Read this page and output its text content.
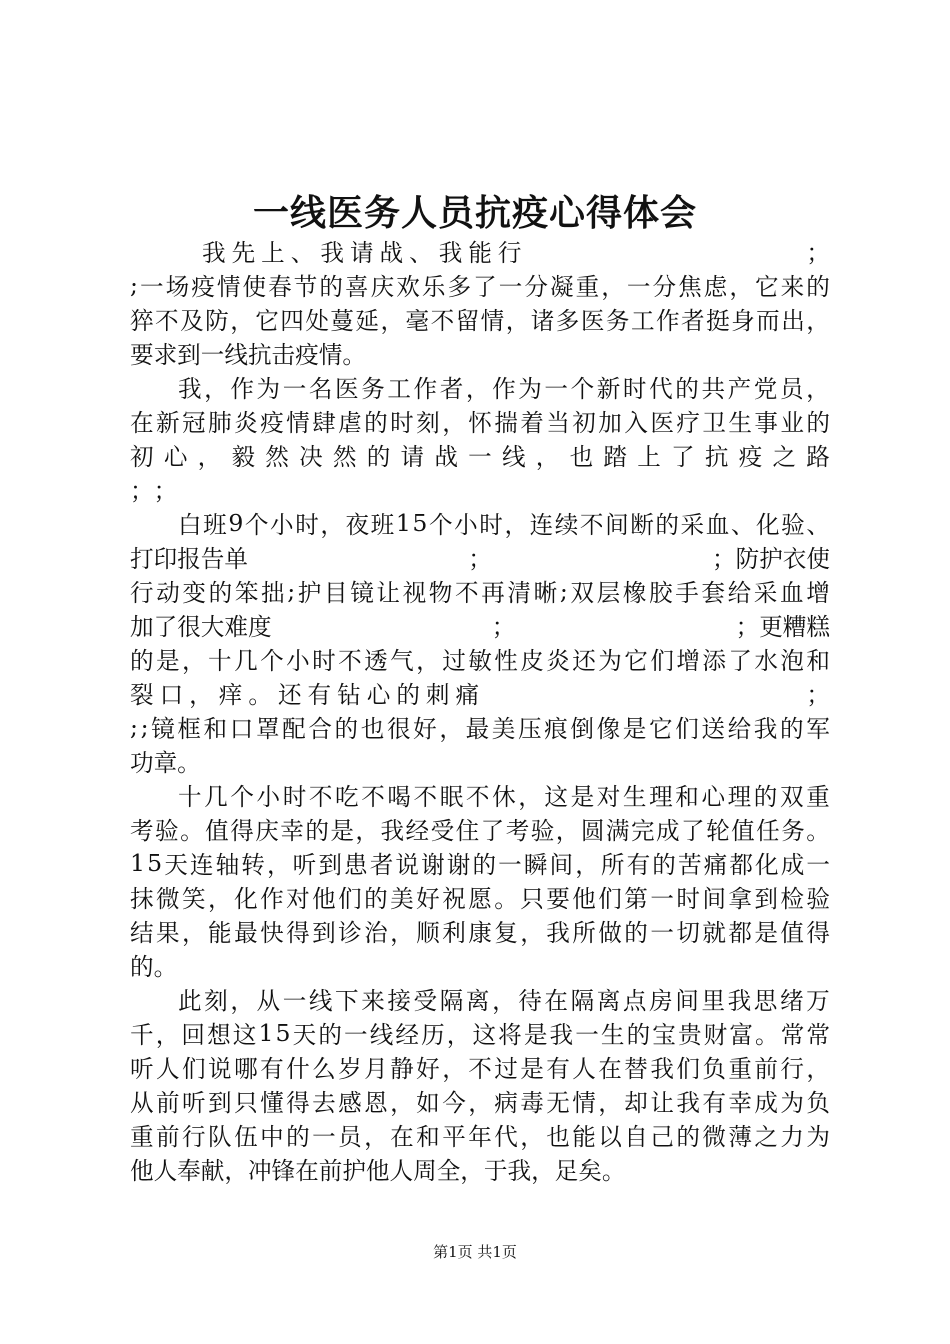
一线医务人员抗疫心得体会
我先上、我请战、我能行	；
; 一 场 疫 情 使 春 节 的 喜 庆 欢 乐 多 了 一 分 凝 重 ， 一 分 焦 虑 ， 它 来 的
猝 不 及 防 ， 它 四 处 蔓 延 ， 毫 不 留 情 ， 诸 多 医 务 工 作 者 挺 身 而 出 ，
要求到一线抗击疫情。
我 ， 作 为 一 名 医 务 工 作 者 ， 作 为 一 个 新 时 代 的 共 产 党 员 ，
在 新 冠 肺 炎 疫 情 肆 虐 的 时 刻 ， 怀 揣 着 当 初 加 入 医 疗 卫 生 事 业 的
初 心 ， 毅 然 决 然 的 请 战 一 线 ， 也 踏 上 了 抗 疫 之 路
； ；
白 班 9 个 小 时 ， 夜 班 1 5 个 小 时 ， 连 续 不 间 断 的 采 血 、 化 验 、
打印报告单	；	；防护衣使
行 动 变 的 笨 拙 ; 护 目 镜 让 视 物 不 再 清 晰 ; 双 层 橡 胶 手 套 给 采 血 增
加了很大难度	；	；更糟糕
的 是 ， 十 几 个 小 时 不 透 气 ， 过 敏 性 皮 炎 还 为 它 们 增 添 了 水 泡 和
裂口，痒。还有钻心的刺痛	；
; ; 镜 框 和 口 罩 配 合 的 也 很 好 ， 最 美 压 痕 倒 像 是 它 们 送 给 我 的 军
功章。
十 几 个 小 时 不 吃 不 喝 不 眠 不 休 ， 这 是 对 生 理 和 心 理 的 双 重
考 验 。 值 得 庆 幸 的 是 ， 我 经 受 住 了 考 验 ， 圆 满 完 成 了 轮 值 任 务 。
1 5 天 连 轴 转 ， 听 到 患 者 说 谢 谢 的 一 瞬 间 ， 所 有 的 苦 痛 都 化 成 一
抹 微 笑 ， 化 作 对 他 们 的 美 好 祝 愿 。 只 要 他 们 第 一 时 间 拿 到 检 验
结 果 ， 能 最 快 得 到 诊 治 ， 顺 利 康 复 ， 我 所 做 的 一 切 就 都 是 值 得
的。
此 刻 ， 从 一 线 下 来 接 受 隔 离 ， 待 在 隔 离 点 房 间 里 我 思 绪 万
千 ， 回 想 这 1 5 天 的 一 线 经 历 ， 这 将 是 我 一 生 的 宝 贵 财 富 。 常 常
听 人 们 说 哪 有 什 么 岁 月 静 好 ， 不 过 是 有 人 在 替 我 们 负 重 前 行 ，
从 前 听 到 只 懂 得 去 感 恩 ， 如 今 ， 病 毒 无 情 ， 却 让 我 有 幸 成 为 负
重 前 行 队 伍 中 的 一 员 ， 在 和 平 年 代 ， 也 能 以 自 己 的 微 薄 之 力 为
他人奉献，冲锋在前护他人周全，于我，足矣。
第1页 共1页
